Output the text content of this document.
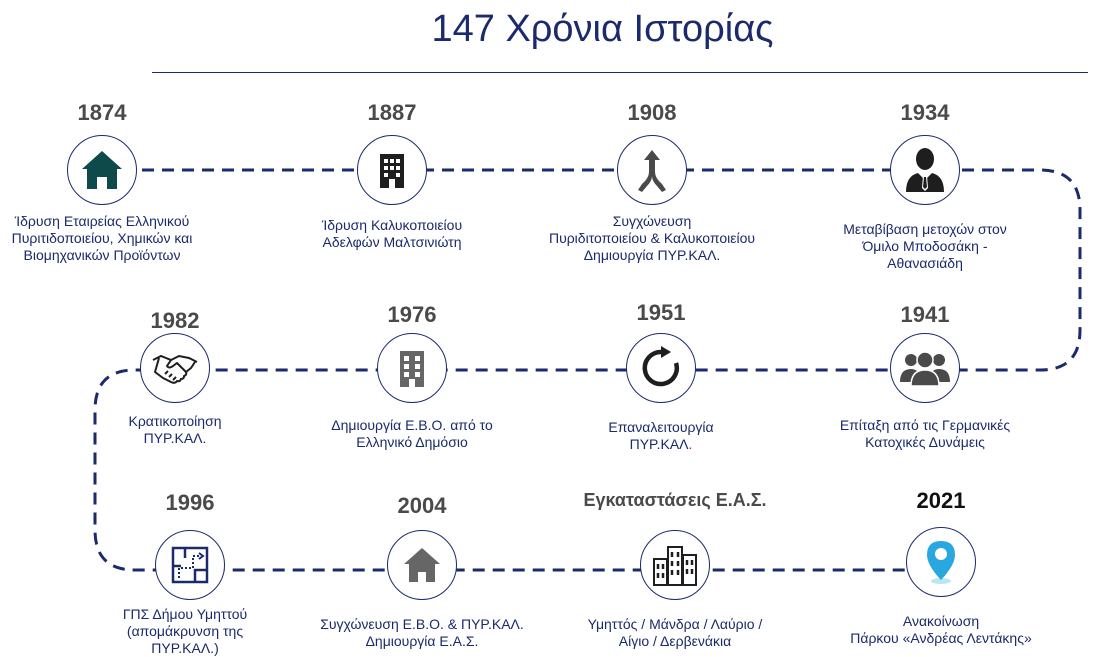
147 Χρόνια Ιστορίας
1874
Ίδρυση Εταιρείας Ελληνικού
Πυριτιδοποιείου, Χημικών και
Βιομηχανικών Προϊόντων
1887
Ίδρυση Καλυκοποιείου
Αδελφών Μαλτσινιώτη
1908
Συγχώνευση
Πυριδιτοποιείου & Καλυκοποιείου
Δημιουργία ΠΥΡ.ΚΑΛ.
1934
Μεταβίβαση μετοχών στον
Όμιλο Μποδοσάκη -
Αθανασιάδη
1941
Επίταξη από τις Γερμανικές
Κατοχικές Δυνάμεις
1951
Επαναλειτουργία
ΠΥΡ.ΚΑΛ.
1976
Δημιουργία Ε.Β.Ο. από το
Ελληνικό Δημόσιο
1982
Κρατικοποίηση
ΠΥΡ.ΚΑΛ.
1996
ΓΠΣ Δήμου Υμηττού
(απομάκρυνση της
ΠΥΡ.ΚΑΛ.)
2004
Συγχώνευση Ε.Β.Ο. & ΠΥΡ.ΚΑΛ.
Δημιουργία Ε.Α.Σ.
Εγκαταστάσεις Ε.Α.Σ.
Υμηττός / Μάνδρα / Λαύριο /
Αίγιο / Δερβενάκια
2021
Ανακοίνωση
Πάρκου «Ανδρέας Λεντάκης»
